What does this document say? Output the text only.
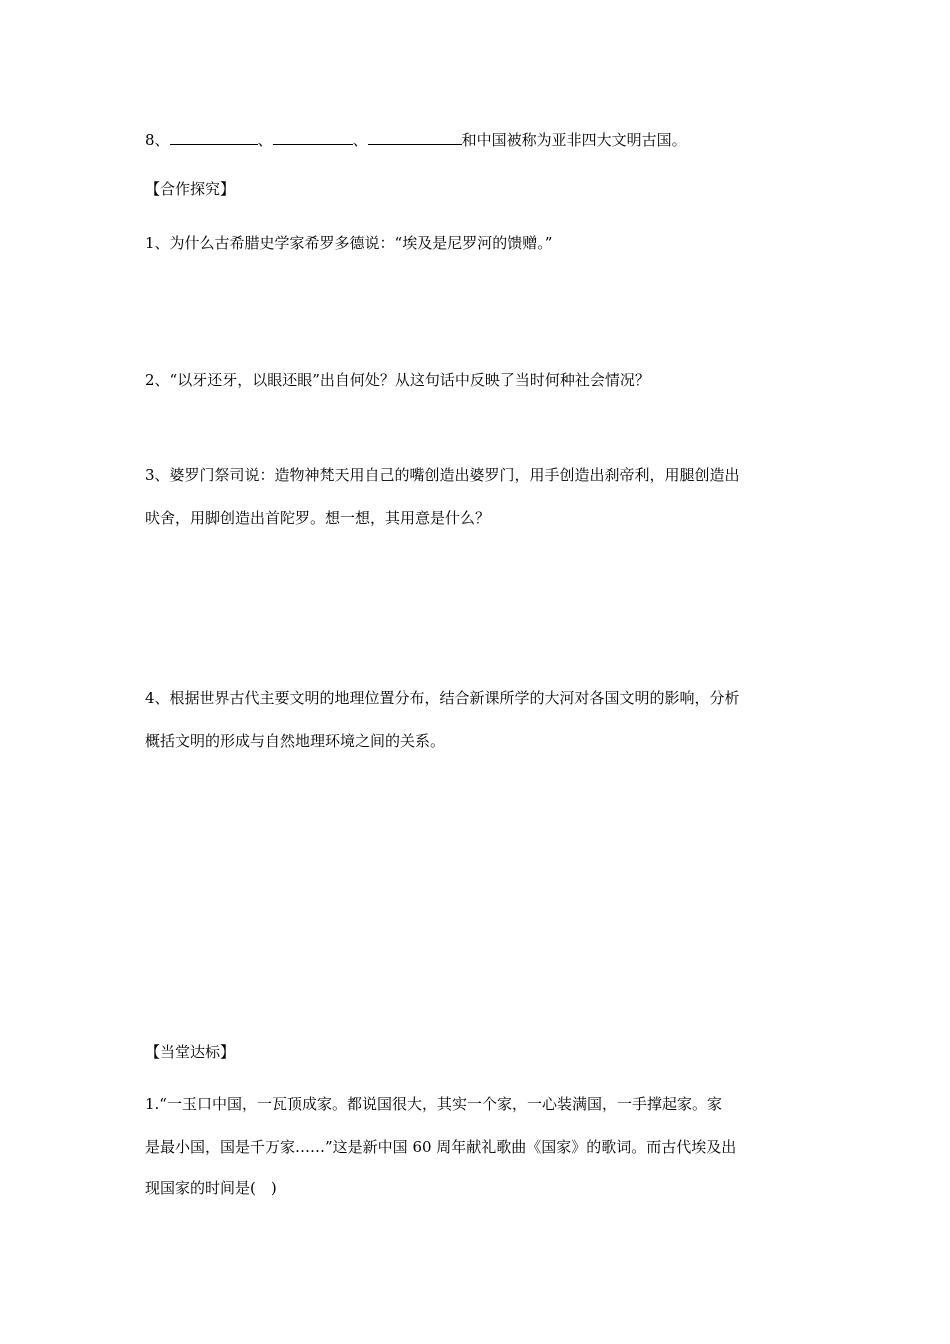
8、	、	、	和中国被称为亚非四大文明古国。
【合作探究】
1、为什么古希腊史学家希罗多德说：“埃及是尼罗河的馈赠。”
2、“以牙还牙，以眼还眼”出自何处？从这句话中反映了当时何种社会情况？
3、婆罗门祭司说：造物神梵天用自己的嘴创造出婆罗门，用手创造出刹帝利，用腿创造出
吠舍，用脚创造出首陀罗。想一想，其用意是什么？
4、根据世界古代主要文明的地理位置分布，结合新课所学的大河对各国文明的影响，分析
概括文明的形成与自然地理环境之间的关系。
【当堂达标】
1.“一玉口中国，一瓦顶成家。都说国很大，其实一个家，一心装满国，一手撑起家。家
是最小国，国是千万家……”这是新中国 60 周年献礼歌曲《国家》的歌词。而古代埃及出
现国家的时间是(　)
